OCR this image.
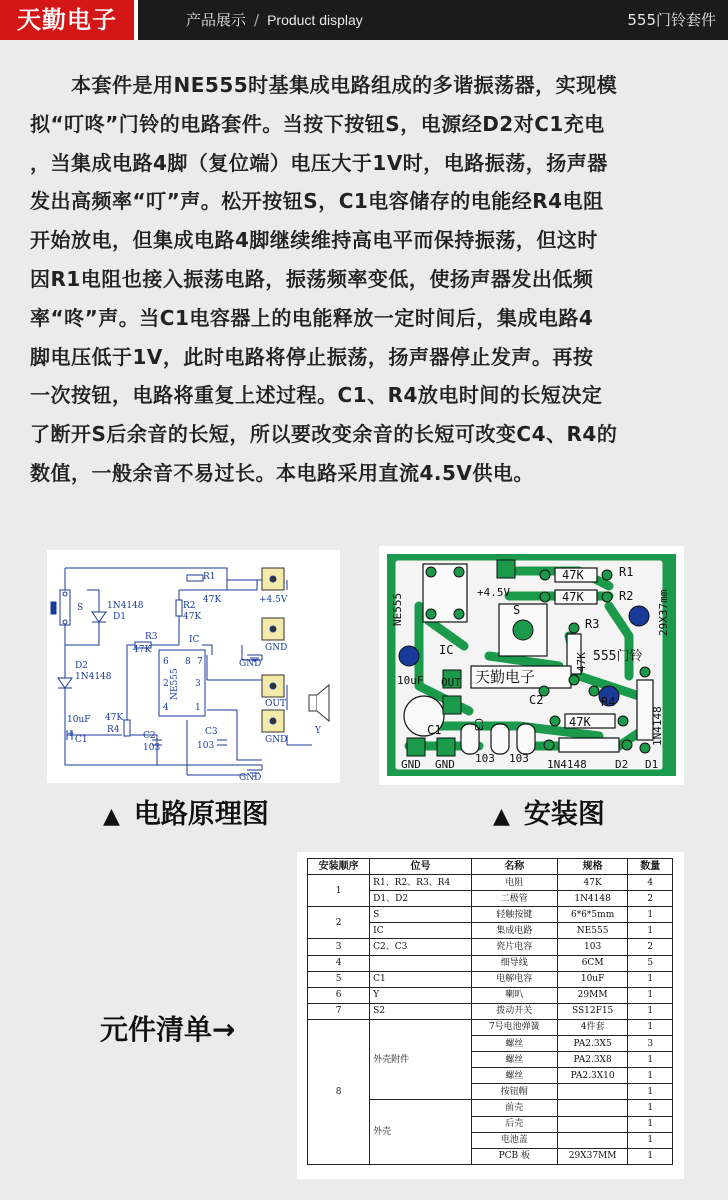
天勤电子	产品展示 / Product display	555门铃套件
　　本套件是用NE555时基集成电路组成的多谐振荡器，实现模
拟“叮咚”门铃的电路套件。当按下按钮S，电源经D2对C1充电
，当集成电路4脚（复位端）电压大于1V时，电路振荡，扬声器
发出高频率“叮”声。松开按钮S，C1电容储存的电能经R4电阻
开始放电，但集成电路4脚继续维持高电平而保持振荡，但这时
因R1电阻也接入振荡电路，振荡频率变低，使扬声器发出低频
率“咚”声。当C1电容器上的电能释放一定时间后，集成电路4
脚电压低于1V，此时电路将停止振荡，扬声器停止发声。再按
一次按钮，电路将重复上述过程。C1、R4放电时间的长短决定
了断开S后余音的长短，所以要改变余音的长短可改变C4、R4的
数值，一般余音不易过长。本电路采用直流4.5V供电。
R1
47K
R2
47K
R3
47K
S	1N4148
D1
D2
1N4148
IC
NE555
6
2
4
8 7
3
1
+4.5V
GND
GND
OUT
GND
GND
Y
10uF
C1
+
47K
R4
C2
103
C3
103
NE555
+4.5V
47K
47K
R1
R2 29X37mm
S
R3
47K
IC	555门铃
天勤电子
10uF OUT
C2	R4
47K
C3	1N4148
C1
GND GND 103 103 1N4148	D2 D1
▲ 电路原理图	▲ 安装图
元件清单→
安装顺序	位号	名称	规格	数量
1	R1、R2、R3、R4	电阻	47K	4
	D1、D2	二极管	1N4148	2
2	S	轻触按键	6*6*5mm	1
	IC	集成电路	NE555	1
3	C2、C3	瓷片电容	103	2
4		细导线	6CM	5
5	C1	电解电容	10uF	1
6	Y	喇叭	29MM	1
7	S2	拨动开关	SS12F15	1
8	外壳附件	7号电池弹簧	4件套	1
		螺丝	PA2.3X5	3
		螺丝	PA2.3X8	1
		螺丝	PA2.3X10	1
		按钮帽		1
	外壳	前壳		1
		后壳		1
		电池盖		1
		PCB 板	29X37MM	1
